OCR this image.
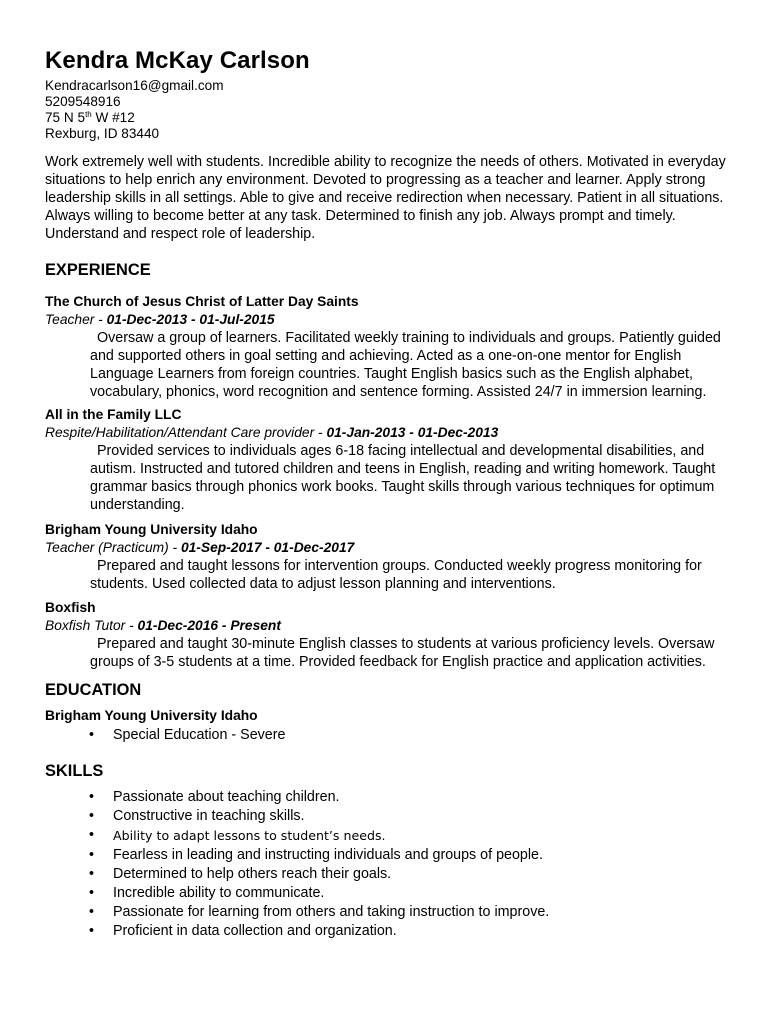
Kendra McKay Carlson
Kendracarlson16@gmail.com
5209548916
75 N 5th W #12
Rexburg, ID 83440
Work extremely well with students. Incredible ability to recognize the needs of others. Motivated in everyday situations to help enrich any environment. Devoted to progressing as a teacher and learner. Apply strong leadership skills in all settings. Able to give and receive redirection when necessary. Patient in all situations. Always willing to become better at any task. Determined to finish any job. Always prompt and timely. Understand and respect role of leadership.
EXPERIENCE
The Church of Jesus Christ of Latter Day Saints
Teacher - 01-Dec-2013 - 01-Jul-2015
Oversaw a group of learners. Facilitated weekly training to individuals and groups. Patiently guided and supported others in goal setting and achieving. Acted as a one-on-one mentor for English Language Learners from foreign countries. Taught English basics such as the English alphabet, vocabulary, phonics, word recognition and sentence forming. Assisted 24/7 in immersion learning.
All in the Family LLC
Respite/Habilitation/Attendant Care provider - 01-Jan-2013 - 01-Dec-2013
Provided services to individuals ages 6-18 facing intellectual and developmental disabilities, and autism. Instructed and tutored children and teens in English, reading and writing homework. Taught grammar basics through phonics work books. Taught skills through various techniques for optimum understanding.
Brigham Young University Idaho
Teacher (Practicum) - 01-Sep-2017 - 01-Dec-2017
Prepared and taught lessons for intervention groups. Conducted weekly progress monitoring for students. Used collected data to adjust lesson planning and interventions.
Boxfish
Boxfish Tutor - 01-Dec-2016 - Present
Prepared and taught 30-minute English classes to students at various proficiency levels. Oversaw groups of 3-5 students at a time. Provided feedback for English practice and application activities.
EDUCATION
Brigham Young University Idaho
• Special Education - Severe
SKILLS
• Passionate about teaching children.
• Constructive in teaching skills.
• Ability to adapt lessons to student’s needs.
• Fearless in leading and instructing individuals and groups of people.
• Determined to help others reach their goals.
• Incredible ability to communicate.
• Passionate for learning from others and taking instruction to improve.
• Proficient in data collection and organization.
